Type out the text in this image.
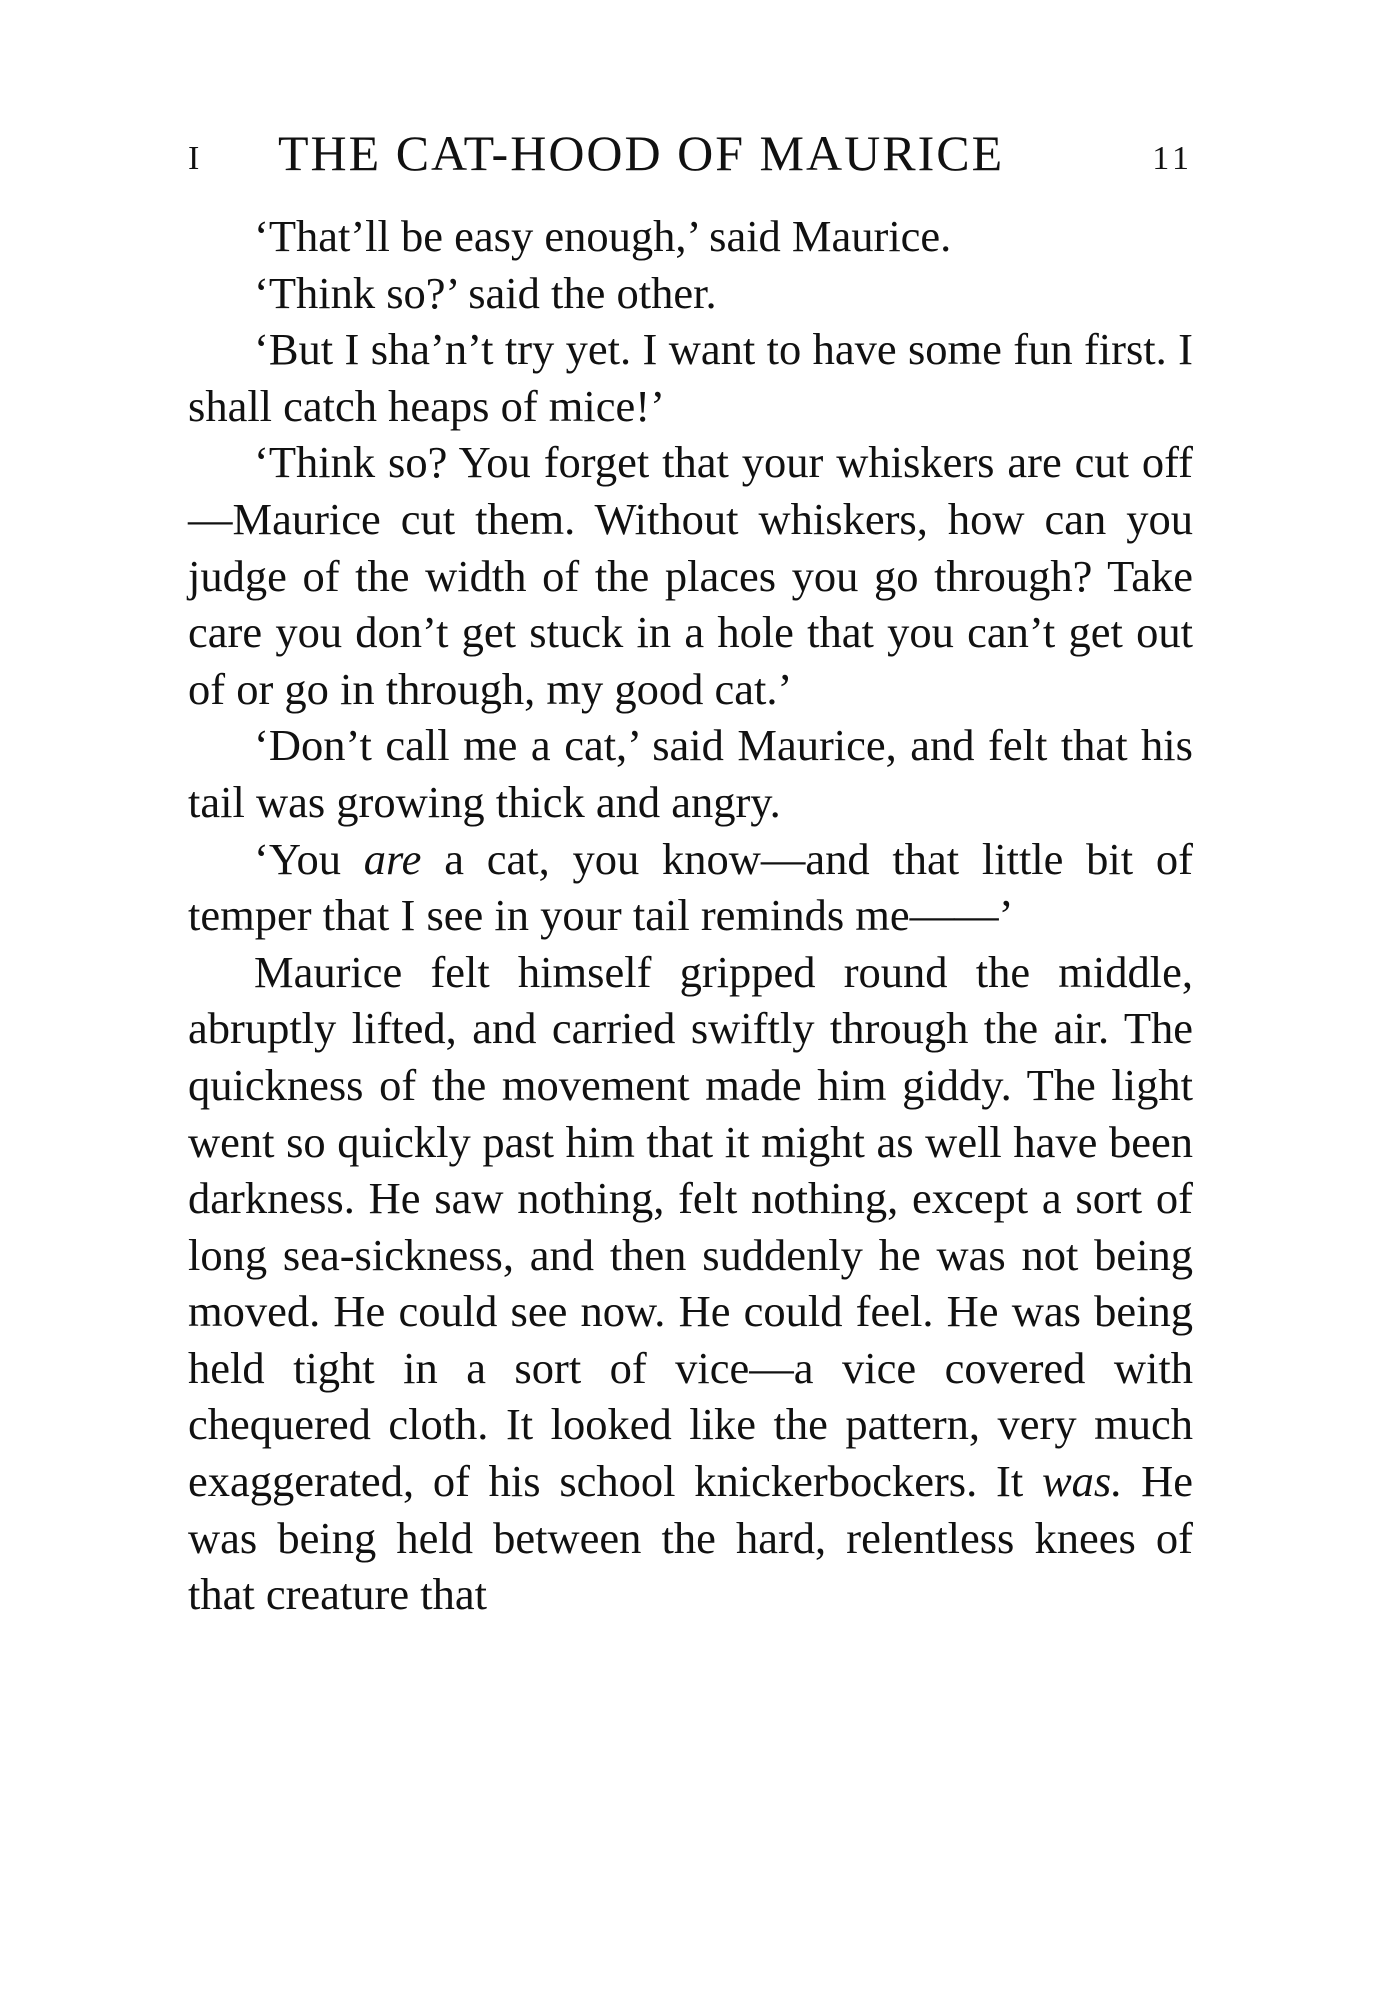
I THE CAT-HOOD OF MAURICE	11

‘That’ll be easy enough,’ said Maurice.

‘Think so?’ said the other.

‘But I sha’n’t try yet. I want to have some fun first. I shall catch heaps of mice!’

‘Think so? You forget that your whiskers are cut off—Maurice cut them. Without whiskers, how can you judge of the width of the places you go through? Take care you don’t get stuck in a hole that you can’t get out of or go in through, my good cat.’

‘Don’t call me a cat,’ said Maurice, and felt that his tail was growing thick and angry.

‘You are a cat, you know—and that little bit of temper that I see in your tail reminds me——’

Maurice felt himself gripped round the middle, abruptly lifted, and carried swiftly through the air. The quickness of the movement made him giddy. The light went so quickly past him that it might as well have been darkness. He saw nothing, felt nothing, except a sort of long sea-sickness, and then suddenly he was not being moved. He could see now. He could feel. He was being held tight in a sort of vice—a vice covered with chequered cloth. It looked like the pattern, very much exaggerated, of his school knickerbockers. It was. He was being held between the hard, relentless knees of that creature that
